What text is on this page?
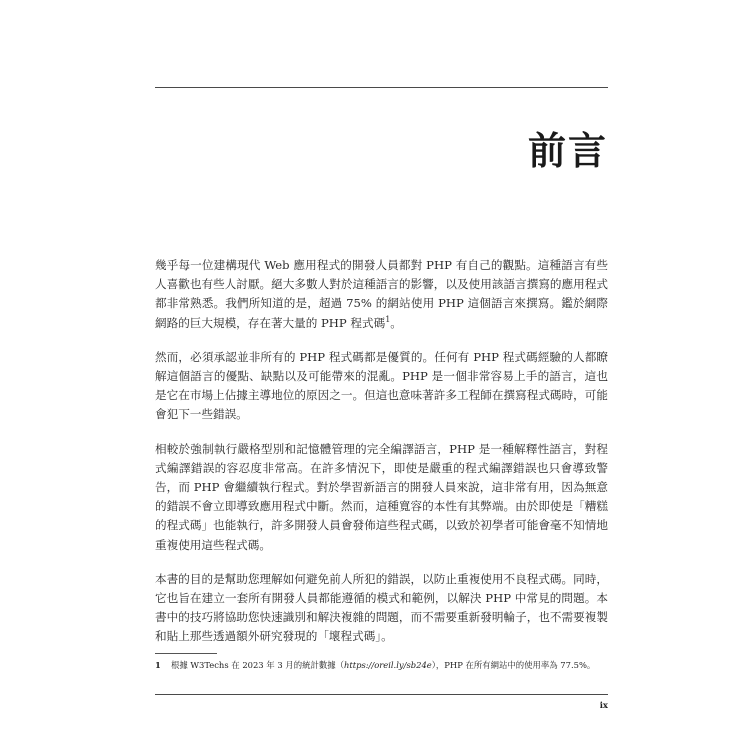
前言

幾乎每一位建構現代 Web 應用程式的開發人員都對 PHP 有自己的觀點。這種語言有些人喜歡也有些人討厭。絕大多數人對於這種語言的影響，以及使用該語言撰寫的應用程式都非常熟悉。我們所知道的是，超過 75% 的網站使用 PHP 這個語言來撰寫。鑑於網際網路的巨大規模，存在著大量的 PHP 程式碼$^1$。

然而，必須承認並非所有的 PHP 程式碼都是優質的。任何有 PHP 程式碼經驗的人都瞭解這個語言的優點、缺點以及可能帶來的混亂。PHP 是一個非常容易上手的語言，這也是它在市場上佔據主導地位的原因之一。但這也意味著許多工程師在撰寫程式碼時，可能會犯下一些錯誤。

相較於強制執行嚴格型別和記憶體管理的完全編譯語言，PHP 是一種解釋性語言，對程式編譯錯誤的容忍度非常高。在許多情況下，即使是嚴重的程式編譯錯誤也只會導致警告，而 PHP 會繼續執行程式。對於學習新語言的開發人員來說，這非常有用，因為無意的錯誤不會立即導致應用程式中斷。然而，這種寬容的本性有其弊端。由於即使是「糟糕的程式碼」也能執行，許多開發人員會發佈這些程式碼，以致於初學者可能會毫不知情地重複使用這些程式碼。

本書的目的是幫助您理解如何避免前人所犯的錯誤，以防止重複使用不良程式碼。同時，它也旨在建立一套所有開發人員都能遵循的模式和範例，以解決 PHP 中常見的問題。本書中的技巧將協助您快速識別和解決複雜的問題，而不需要重新發明輪子，也不需要複製和貼上那些透過額外研究發現的「壞程式碼」。

1 根據 W3Techs 在 2023 年 3 月的統計數據（https://oreil.ly/sb24e），PHP 在所有網站中的使用率為 77.5%。
ix
